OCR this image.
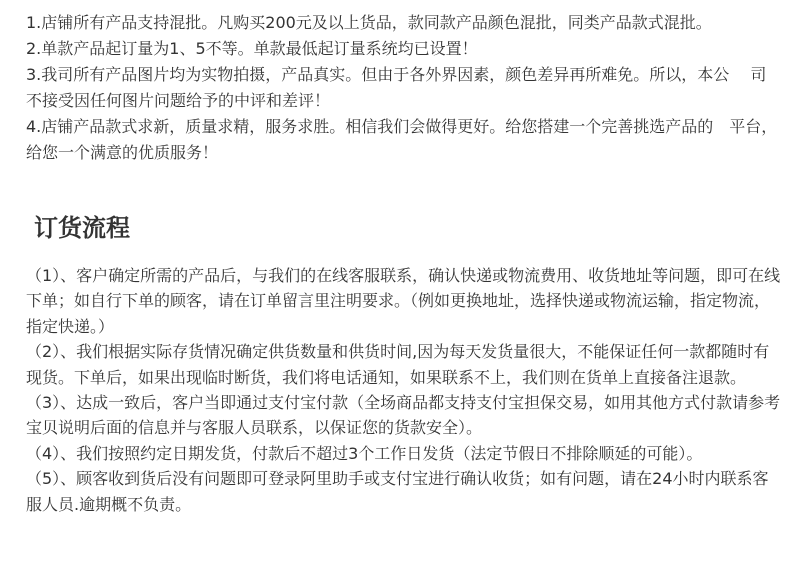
1.店铺所有产品支持混批。凡购买200元及以上货品，款同款产品颜色混批，同类产品款式混批。

2.单款产品起订量为1、5不等。单款最低起订量系统均已设置！

3.我司所有产品图片均为实物拍摄，产品真实。但由于各外界因素，颜色差异再所难免。所以，本公　 司不接受因任何图片问题给予的中评和差评！

4.店铺产品款式求新，质量求精，服务求胜。相信我们会做得更好。给您搭建一个完善挑选产品的　平台，给您一个满意的优质服务！

订货流程

（1）、客户确定所需的产品后，与我们的在线客服联系，确认快递或物流费用、收货地址等问题，即可在线下单；如自行下单的顾客，请在订单留言里注明要求。（例如更换地址，选择快递或物流运输，指定物流，指定快递。）

（2）、我们根据实际存货情况确定供货数量和供货时间,因为每天发货量很大，不能保证任何一款都随时有现货。下单后，如果出现临时断货，我们将电话通知，如果联系不上，我们则在货单上直接备注退款。

（3）、达成一致后，客户当即通过支付宝付款（全场商品都支持支付宝担保交易，如用其他方式付款请参考宝贝说明后面的信息并与客服人员联系，以保证您的货款安全）。

（4）、我们按照约定日期发货，付款后不超过3个工作日发货（法定节假日不排除顺延的可能）。

（5）、顾客收到货后没有问题即可登录阿里助手或支付宝进行确认收货；如有问题，请在24小时内联系客服人员.逾期概不负责。
